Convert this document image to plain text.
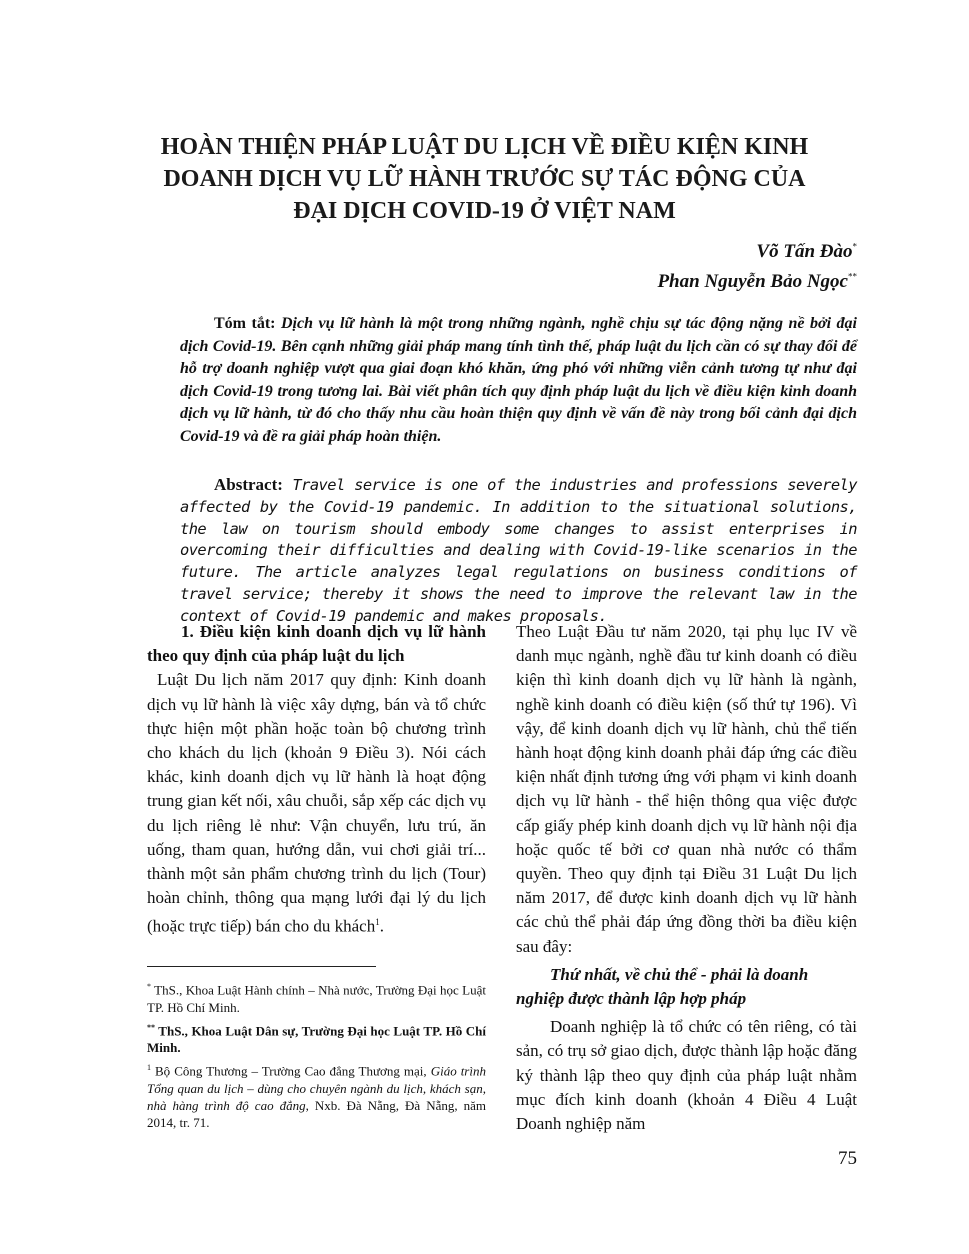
HOÀN THIỆN PHÁP LUẬT DU LỊCH VỀ ĐIỀU KIỆN KINH
DOANH DỊCH VỤ LỮ HÀNH TRƯỚC SỰ TÁC ĐỘNG CỦA
ĐẠI DỊCH COVID-19 Ở VIỆT NAM
Võ Tấn Đào*
Phan Nguyễn Bảo Ngọc**

Tóm tắt: Dịch vụ lữ hành là một trong những ngành, nghề chịu sự tác động nặng nề bởi đại dịch Covid-19. Bên cạnh những giải pháp mang tính tình thế, pháp luật du lịch cần có sự thay đổi để hỗ trợ doanh nghiệp vượt qua giai đoạn khó khăn, ứng phó với những viễn cảnh tương tự như đại dịch Covid-19 trong tương lai. Bài viết phân tích quy định pháp luật du lịch về điều kiện kinh doanh dịch vụ lữ hành, từ đó cho thấy nhu cầu hoàn thiện quy định về vấn đề này trong bối cảnh đại dịch Covid-19 và đề ra giải pháp hoàn thiện.

Abstract: Travel service is one of the industries and professions severely affected by the Covid-19 pandemic. In addition to the situational solutions, the law on tourism should embody some changes to assist enterprises in overcoming their difficulties and dealing with Covid-19-like scenarios in the future. The article analyzes legal regulations on business conditions of travel service; thereby it shows the need to improve the relevant law in the context of Covid-19 pandemic and makes proposals.

1. Điều kiện kinh doanh dịch vụ lữ hành theo quy định của pháp luật du lịch

Luật Du lịch năm 2017 quy định: Kinh doanh dịch vụ lữ hành là việc xây dựng, bán và tổ chức thực hiện một phần hoặc toàn bộ chương trình cho khách du lịch (khoản 9 Điều 3). Nói cách khác, kinh doanh dịch vụ lữ hành là hoạt động trung gian kết nối, xâu chuỗi, sắp xếp các dịch vụ du lịch riêng lẻ như: Vận chuyển, lưu trú, ăn uống, tham quan, hướng dẫn, vui chơi giải trí... thành một sản phẩm chương trình du lịch (Tour) hoàn chỉnh, thông qua mạng lưới đại lý du lịch (hoặc trực tiếp) bán cho du khách$^1$.

Theo Luật Đầu tư năm 2020, tại phụ lục IV về danh mục ngành, nghề đầu tư kinh doanh có điều kiện thì kinh doanh dịch vụ lữ hành là ngành, nghề kinh doanh có điều kiện (số thứ tự 196). Vì vậy, để kinh doanh dịch vụ lữ hành, chủ thể tiến hành hoạt động kinh doanh phải đáp ứng các điều kiện nhất định tương ứng với phạm vi kinh doanh dịch vụ lữ hành - thể hiện thông qua việc được cấp giấy phép kinh doanh dịch vụ lữ hành nội địa hoặc quốc tế bởi cơ quan nhà nước có thẩm quyền. Theo quy định tại Điều 31 Luật Du lịch năm 2017, để được kinh doanh dịch vụ lữ hành các chủ thể phải đáp ứng đồng thời ba điều kiện sau đây:

Thứ nhất, về chủ thể - phải là doanh
nghiệp được thành lập hợp pháp

Doanh nghiệp là tổ chức có tên riêng, có tài sản, có trụ sở giao dịch, được thành lập hoặc đăng ký thành lập theo quy định của pháp luật nhằm mục đích kinh doanh (khoản 4 Điều 4 Luật Doanh nghiệp năm

* ThS., Khoa Luật Hành chính – Nhà nước, Trường Đại học Luật TP. Hồ Chí Minh.

** ThS., Khoa Luật Dân sự, Trường Đại học Luật TP. Hồ Chí Minh.

$^1$ Bộ Công Thương – Trường Cao đẳng Thương mại, Giáo trình Tổng quan du lịch – dùng cho chuyên ngành du lịch, khách sạn, nhà hàng trình độ cao đẳng, Nxb. Đà Nẵng, Đà Nẵng, năm 2014, tr. 71.

75
